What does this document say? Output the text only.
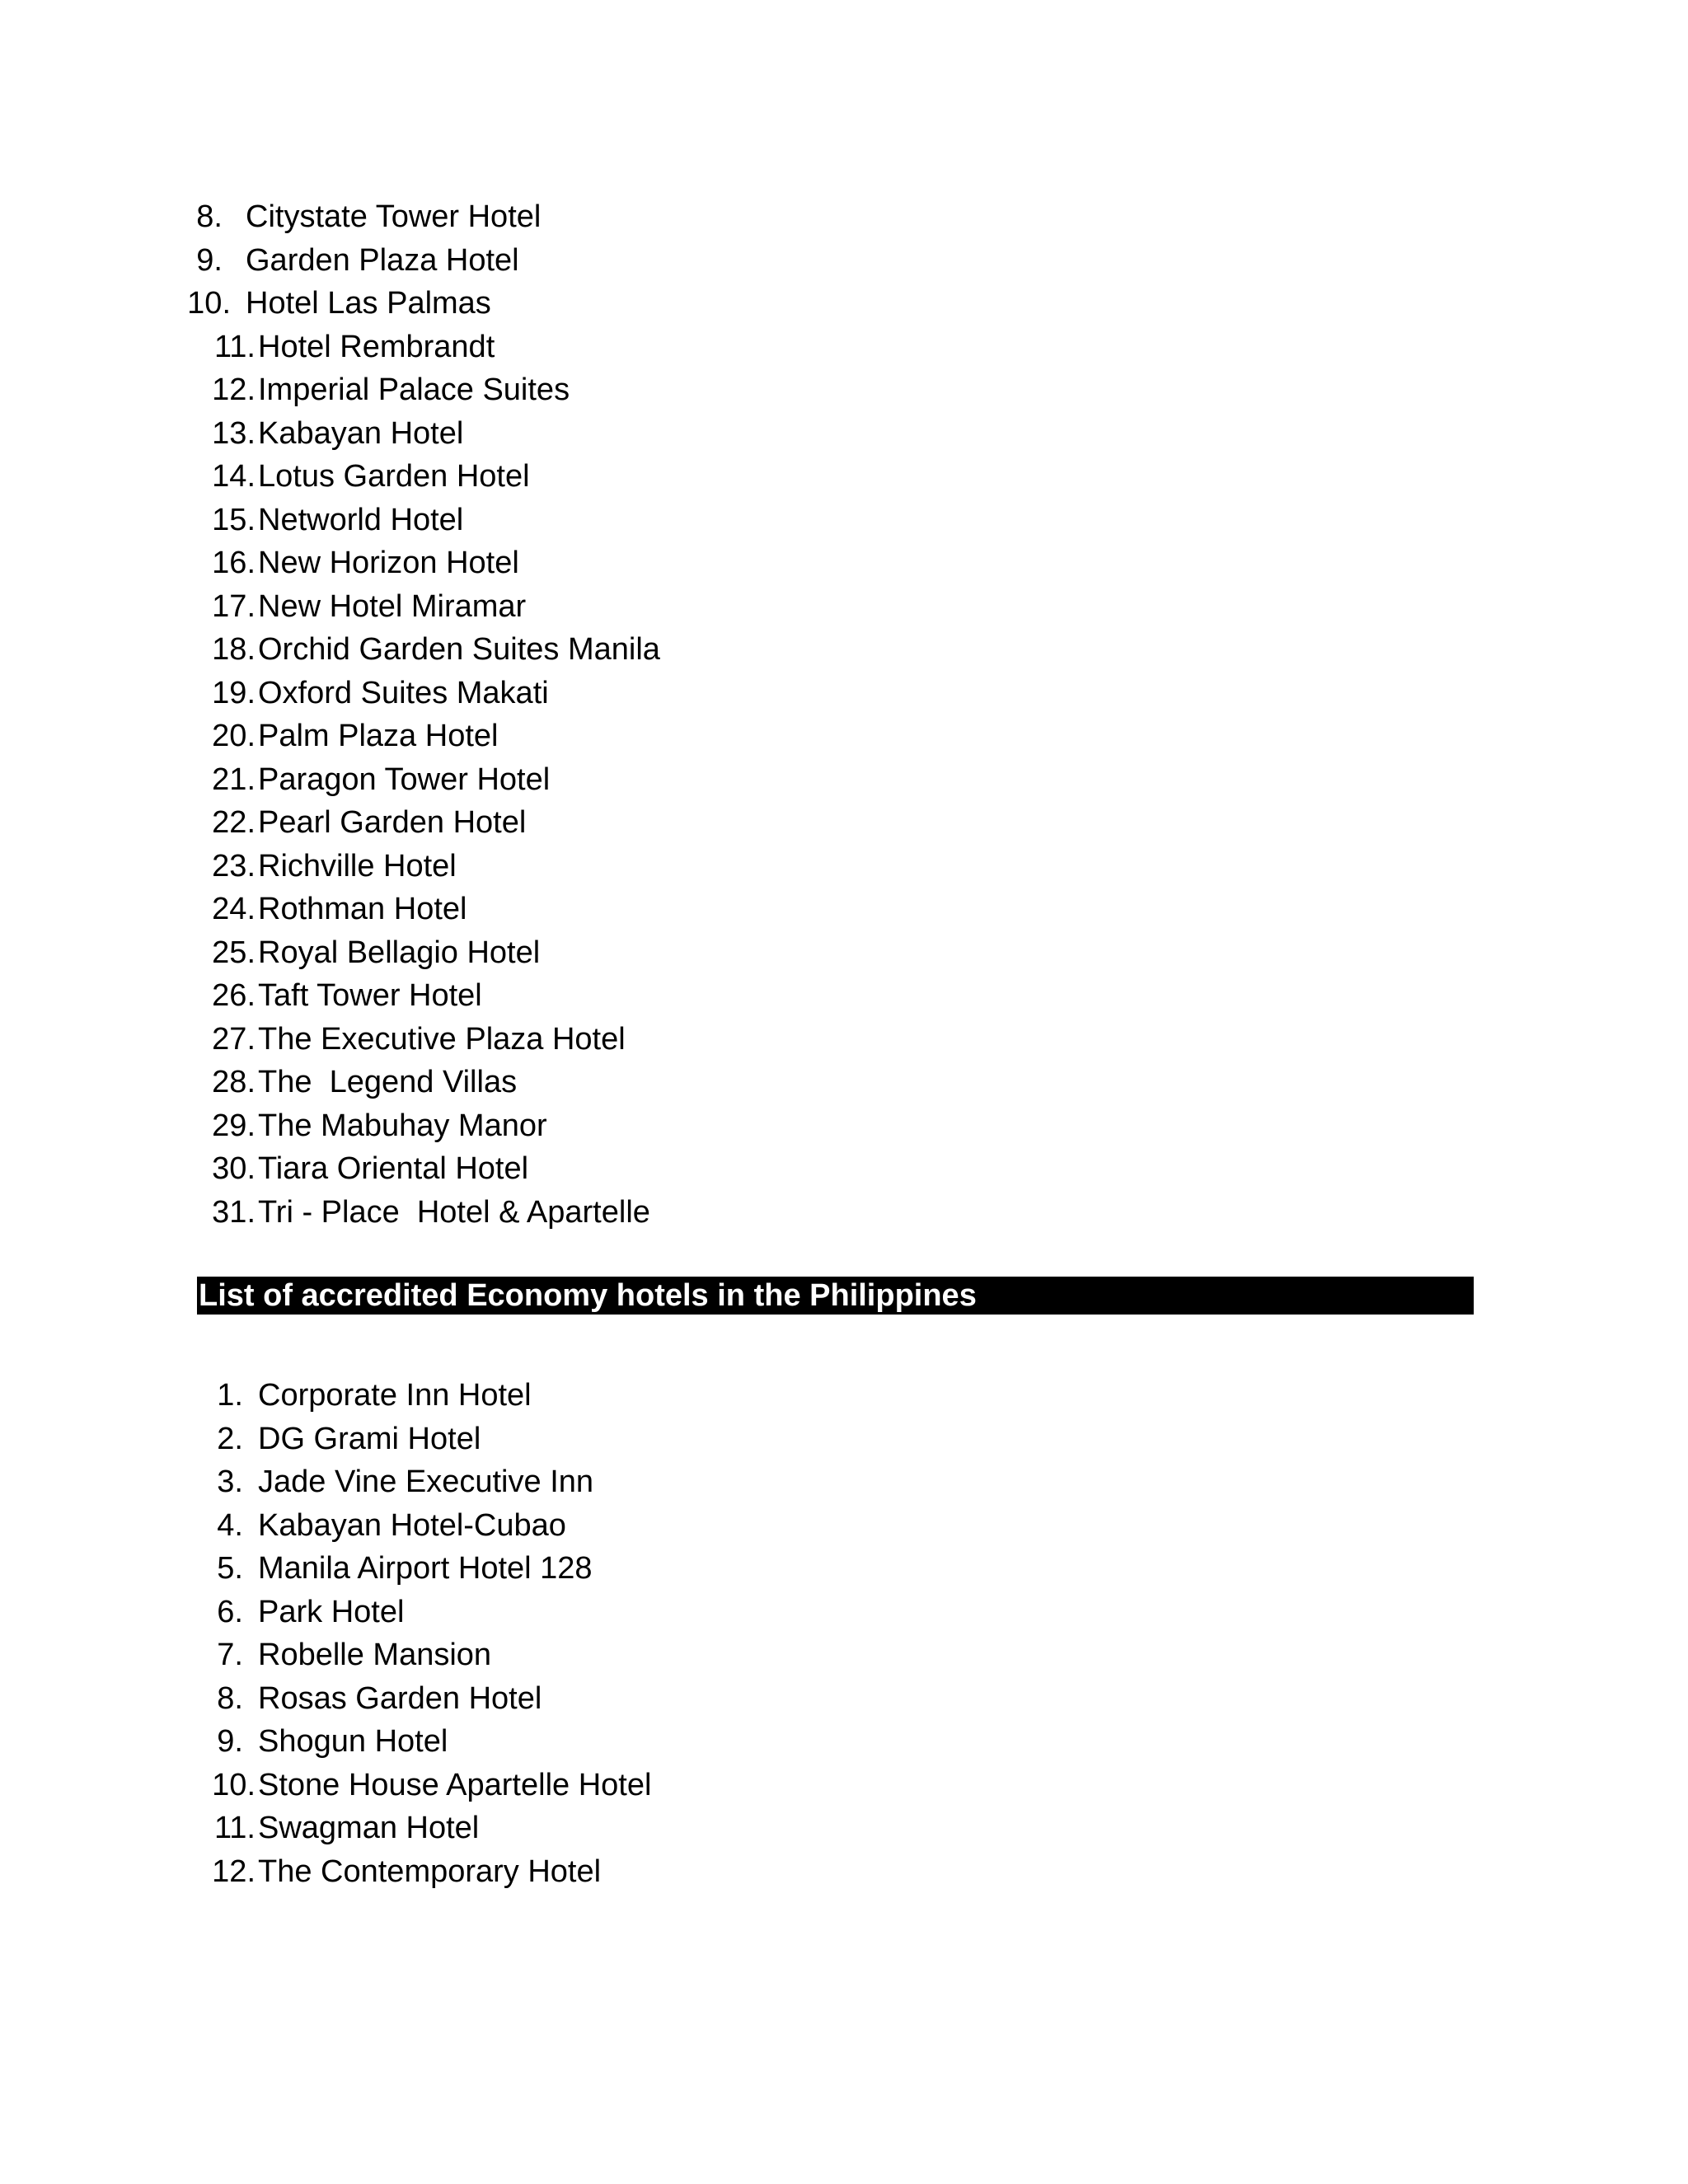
8. Citystate Tower Hotel
9. Garden Plaza Hotel
10. Hotel Las Palmas
11. Hotel Rembrandt
12. Imperial Palace Suites
13. Kabayan Hotel
14. Lotus Garden Hotel
15. Networld Hotel
16. New Horizon Hotel
17. New Hotel Miramar
18. Orchid Garden Suites Manila
19. Oxford Suites Makati
20. Palm Plaza Hotel
21. Paragon Tower Hotel
22. Pearl Garden Hotel
23. Richville Hotel
24. Rothman Hotel
25. Royal Bellagio Hotel
26. Taft Tower Hotel
27. The Executive Plaza Hotel
28. The  Legend Villas
29. The Mabuhay Manor
30. Tiara Oriental Hotel
31. Tri - Place  Hotel & Apartelle
List of accredited Economy hotels in the Philippines
1. Corporate Inn Hotel
2. DG Grami Hotel
3. Jade Vine Executive Inn
4. Kabayan Hotel-Cubao
5. Manila Airport Hotel 128
6. Park Hotel
7. Robelle Mansion
8. Rosas Garden Hotel
9. Shogun Hotel
10. Stone House Apartelle Hotel
11. Swagman Hotel
12. The Contemporary Hotel
